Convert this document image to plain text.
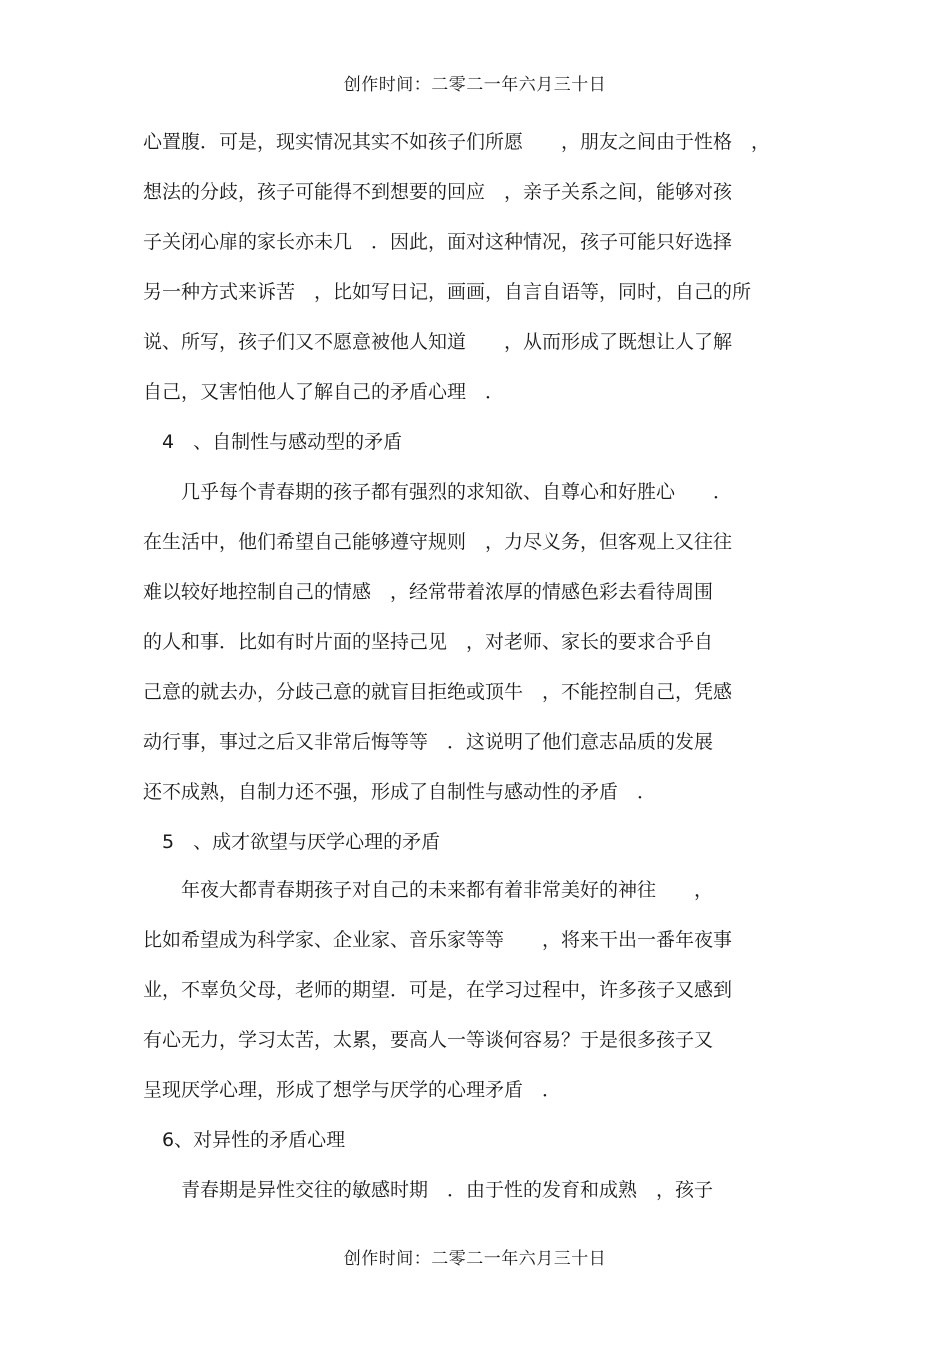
创作时间：二零二一年六月三十日
心置腹．可是，现实情况其实不如孩子们所愿　　，朋友之间由于性格　，
想法的分歧，孩子可能得不到想要的回应　，亲子关系之间，能够对孩
子关闭心扉的家长亦未几　．因此，面对这种情况，孩子可能只好选择
另一种方式来诉苦　，比如写日记，画画，自言自语等，同时，自己的所
说、所写，孩子们又不愿意被他人知道　　，从而形成了既想让人了解
自己，又害怕他人了解自己的矛盾心理　．
　4　、自制性与感动型的矛盾
　　几乎每个青春期的孩子都有强烈的求知欲、自尊心和好胜心　　．
在生活中，他们希望自己能够遵守规则　，力尽义务，但客观上又往往
难以较好地控制自己的情感　，经常带着浓厚的情感色彩去看待周围
的人和事．比如有时片面的坚持己见　，对老师、家长的要求合乎自
己意的就去办，分歧己意的就盲目拒绝或顶牛　，不能控制自己，凭感
动行事，事过之后又非常后悔等等　．这说明了他们意志品质的发展
还不成熟，自制力还不强，形成了自制性与感动性的矛盾　．
　5　、成才欲望与厌学心理的矛盾
　　年夜大都青春期孩子对自己的未来都有着非常美好的神往　　，
比如希望成为科学家、企业家、音乐家等等　　，将来干出一番年夜事
业，不辜负父母，老师的期望．可是，在学习过程中，许多孩子又感到
有心无力，学习太苦，太累，要高人一等谈何容易？于是很多孩子又
呈现厌学心理，形成了想学与厌学的心理矛盾　．
　6、对异性的矛盾心理
　　青春期是异性交往的敏感时期　．由于性的发育和成熟　，孩子
创作时间：二零二一年六月三十日
